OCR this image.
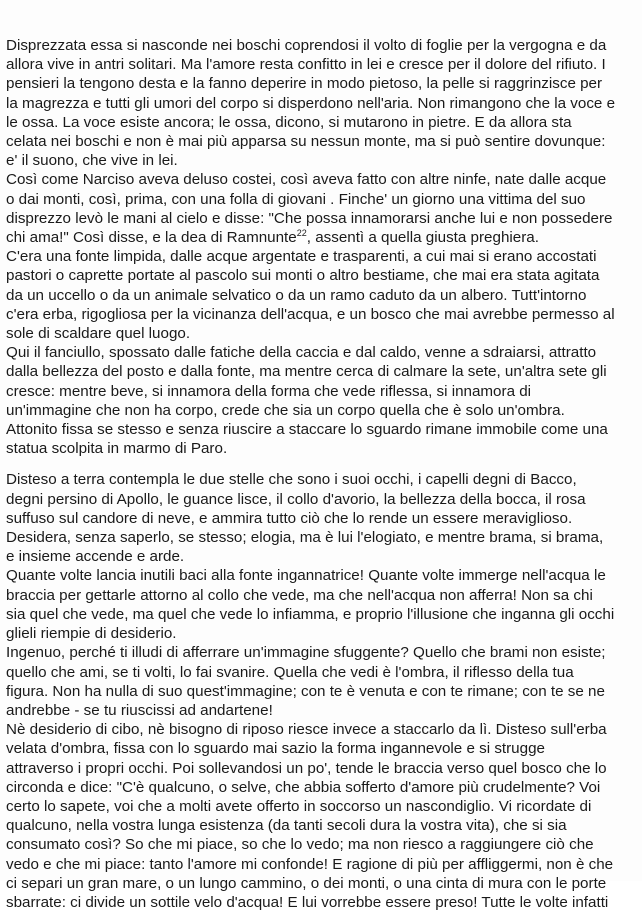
Disprezzata essa si nasconde nei boschi coprendosi il volto di foglie per la vergogna e da
allora vive in antri solitari. Ma l'amore resta confitto in lei e cresce per il dolore del rifiuto. I
pensieri la tengono desta e la fanno deperire in modo pietoso, la pelle si raggrinzisce per
la magrezza e tutti gli umori del corpo si disperdono nell'aria. Non rimangono che la voce e
le ossa. La voce esiste ancora; le ossa, dicono, si mutarono in pietre. E da allora sta
celata nei boschi e non è mai più apparsa su nessun monte, ma si può sentire dovunque:
e' il suono, che vive in lei.

Così come Narciso aveva deluso costei, così aveva fatto con altre ninfe, nate dalle acque
o dai monti, così, prima, con una folla di giovani . Finche' un giorno una vittima del suo
disprezzo levò le mani al cielo e disse: "Che possa innamorarsi anche lui e non possedere
chi ama!" Così disse, e la dea di Ramnunte$^{22}$, assentì a quella giusta preghiera.

C'era una fonte limpida, dalle acque argentate e trasparenti, a cui mai si erano accostati
pastori o caprette portate al pascolo sui monti o altro bestiame, che mai era stata agitata
da un uccello o da un animale selvatico o da un ramo caduto da un albero. Tutt'intorno
c'era erba, rigogliosa per la vicinanza dell'acqua, e un bosco che mai avrebbe permesso al
sole di scaldare quel luogo.

Qui il fanciullo, spossato dalle fatiche della caccia e dal caldo, venne a sdraiarsi, attratto
dalla bellezza del posto e dalla fonte, ma mentre cerca di calmare la sete, un'altra sete gli
cresce: mentre beve, si innamora della forma che vede riflessa, si innamora di
un'immagine che non ha corpo, crede che sia un corpo quella che è solo un'ombra.
Attonito fissa se stesso e senza riuscire a staccare lo sguardo rimane immobile come una
statua scolpita in marmo di Paro.

Disteso a terra contempla le due stelle che sono i suoi occhi, i capelli degni di Bacco,
degni persino di Apollo, le guance lisce, il collo d'avorio, la bellezza della bocca, il rosa
suffuso sul candore di neve, e ammira tutto ciò che lo rende un essere meraviglioso.
Desidera, senza saperlo, se stesso; elogia, ma è lui l'elogiato, e mentre brama, si brama,
e insieme accende e arde.

Quante volte lancia inutili baci alla fonte ingannatrice! Quante volte immerge nell'acqua le
braccia per gettarle attorno al collo che vede, ma che nell'acqua non afferra! Non sa chi
sia quel che vede, ma quel che vede lo infiamma, e proprio l'illusione che inganna gli occhi
glieli riempie di desiderio.

Ingenuo, perché ti illudi di afferrare un'immagine sfuggente? Quello che brami non esiste;
quello che ami, se ti volti, lo fai svanire. Quella che vedi è l'ombra, il riflesso della tua
figura. Non ha nulla di suo quest'immagine; con te è venuta e con te rimane; con te se ne
andrebbe - se tu riuscissi ad andartene!

Nè desiderio di cibo, nè bisogno di riposo riesce invece a staccarlo da lì. Disteso sull'erba
velata d'ombra, fissa con lo sguardo mai sazio la forma ingannevole e si strugge
attraverso i propri occhi. Poi sollevandosi un po', tende le braccia verso quel bosco che lo
circonda e dice: "C'è qualcuno, o selve, che abbia sofferto d'amore più crudelmente? Voi
certo lo sapete, voi che a molti avete offerto in soccorso un nascondiglio. Vi ricordate di
qualcuno, nella vostra lunga esistenza (da tanti secoli dura la vostra vita), che si sia
consumato così? So che mi piace, so che lo vedo; ma non riesco a raggiungere ciò che
vedo e che mi piace: tanto l'amore mi confonde! E ragione di più per affliggermi, non è che
ci separi un gran mare, o un lungo cammino, o dei monti, o una cinta di mura con le porte
sbarrate: ci divide un sottile velo d'acqua! E lui vorrebbe essere preso! Tutte le volte infatti
